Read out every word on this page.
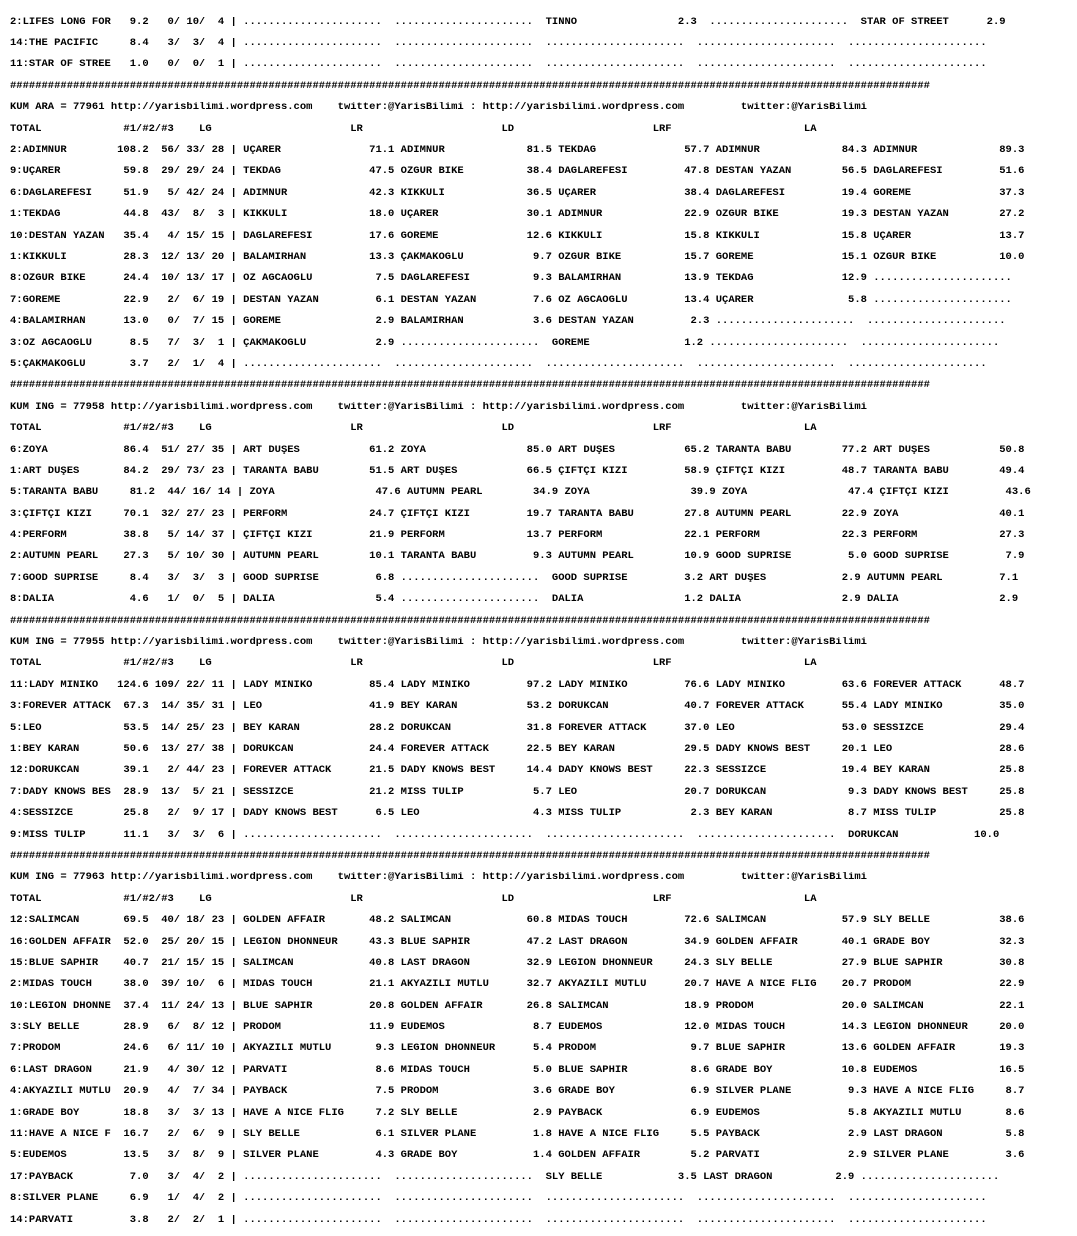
2:LIFES LONG FOR   9.2   0/ 10/  4 | ......................  ......................  TINNO                2.3  ......................  STAR OF STREET      2.9

14:THE PACIFIC     8.4   3/  3/  4 | ......................  ......................  ......................  ......................  ......................

11:STAR OF STREE   1.0   0/  0/  1 | ......................  ......................  ......................  ......................  ......................

##################################################################################################################################################

KUM ARA = 77961 http://yarisbilimi.wordpress.com    twitter:@YarisBilimi : http://yarisbilimi.wordpress.com         twitter:@YarisBilimi

TOTAL             #1/#2/#3    LG                      LR                      LD                      LRF                     LA

2:ADIMNUR        108.2  56/ 33/ 28 | UÇARER              71.1 ADIMNUR             81.5 TEKDAĞ              57.7 ADIMNUR             84.3 ADIMNUR             89.3

9:UÇARER          59.8  29/ 29/ 24 | TEKDAĞ              47.5 ÖZGÜR BİKE          38.4 DAĞLAREFESİ         47.8 DESTAN YAZAN        56.5 DAĞLAREFESİ         51.6

6:DAĞLAREFESİ     51.9   5/ 42/ 24 | ADIMNUR             42.3 KİKKULİ             36.5 UÇARER              38.4 DAĞLAREFESİ         19.4 GÖREME              37.3

1:TEKDAĞ          44.8  43/  8/  3 | KİKKULİ             18.0 UÇARER              30.1 ADIMNUR             22.9 ÖZGÜR BİKE          19.3 DESTAN YAZAN        27.2

10:DESTAN YAZAN   35.4   4/ 15/ 15 | DAĞLAREFESİ         17.6 GÖREME              12.6 KİKKULİ             15.8 KİKKULİ             15.8 UÇARER              13.7

1:KİKKULİ         28.3  12/ 13/ 20 | BALAMİRHAN          13.3 ÇAKMAKOĞLU           9.7 ÖZGÜR BİKE          15.7 GÖREME              15.1 ÖZGÜR BİKE          10.0

8:ÖZGÜR BİKE      24.4  10/ 13/ 17 | ÖZ AĞCAOĞLU          7.5 DAĞLAREFESİ          9.3 BALAMİRHAN          13.9 TEKDAĞ              12.9 ......................

7:GÖREME          22.9   2/  6/ 19 | DESTAN YAZAN         6.1 DESTAN YAZAN         7.6 ÖZ AĞCAOĞLU         13.4 UÇARER               5.8 ......................

4:BALAMİRHAN      13.0   0/  7/ 15 | GÖREME               2.9 BALAMİRHAN           3.6 DESTAN YAZAN         2.3 ......................  ......................

3:ÖZ AĞCAOĞLU      8.5   7/  3/  1 | ÇAKMAKOĞLU           2.9 ......................  GÖREME               1.2 ......................  ......................

5:ÇAKMAKOĞLU       3.7   2/  1/  4 | ......................  ......................  ......................  ......................  ......................

##################################################################################################################################################

KUM ING = 77958 http://yarisbilimi.wordpress.com    twitter:@YarisBilimi : http://yarisbilimi.wordpress.com         twitter:@YarisBilimi

TOTAL             #1/#2/#3    LG                      LR                      LD                      LRF                     LA

6:ZOYA            86.4  51/ 27/ 35 | ART DÜŞES           61.2 ZOYA                85.0 ART DÜŞES           65.2 TARANTA BABU        77.2 ART DÜŞES           50.8

1:ART DÜŞES       84.2  29/ 73/ 23 | TARANTA BABU        51.5 ART DÜŞES           66.5 ÇİFTÇİ KIZI         58.9 ÇİFTÇİ KIZI         48.7 TARANTA BABU        49.4

5:TARANTA BABU     81.2  44/ 16/ 14 | ZOYA                47.6 AUTUMN PEARL        34.9 ZOYA                39.9 ZOYA                47.4 ÇİFTÇİ KIZI         43.6

3:ÇİFTÇİ KIZI     70.1  32/ 27/ 23 | PERFORM             24.7 ÇİFTÇİ KIZI         19.7 TARANTA BABU        27.8 AUTUMN PEARL        22.9 ZOYA                40.1

4:PERFORM         38.8   5/ 14/ 37 | ÇİFTÇİ KIZI         21.9 PERFORM             13.7 PERFORM             22.1 PERFORM             22.3 PERFORM             27.3

2:AUTUMN PEARL    27.3   5/ 10/ 30 | AUTUMN PEARL        10.1 TARANTA BABU         9.3 AUTUMN PEARL        10.9 GOOD SUPRISE         5.0 GOOD SUPRISE         7.9

7:GOOD SUPRISE     8.4   3/  3/  3 | GOOD SUPRISE         6.8 ......................  GOOD SUPRISE         3.2 ART DÜŞES            2.9 AUTUMN PEARL         7.1

8:DALIA            4.6   1/  0/  5 | DALIA                5.4 ......................  DALIA                1.2 DALIA                2.9 DALIA                2.9

##################################################################################################################################################

KUM ING = 77955 http://yarisbilimi.wordpress.com    twitter:@YarisBilimi : http://yarisbilimi.wordpress.com         twitter:@YarisBilimi

TOTAL             #1/#2/#3    LG                      LR                      LD                      LRF                     LA

11:LADY MINIKO   124.6 109/ 22/ 11 | LADY MINIKO         85.4 LADY MINIKO         97.2 LADY MINIKO         76.6 LADY MINIKO         63.6 FOREVER ATTACK      48.7

3:FOREVER ATTACK  67.3  14/ 35/ 31 | LEO                 41.9 BEY KARAN           53.2 DORUKCAN            40.7 FOREVER ATTACK      55.4 LADY MINIKO         35.0

5:LEO             53.5  14/ 25/ 23 | BEY KARAN           28.2 DORUKCAN            31.8 FOREVER ATTACK      37.0 LEO                 53.0 SESSİZCE            29.4

1:BEY KARAN       50.6  13/ 27/ 38 | DORUKCAN            24.4 FOREVER ATTACK      22.5 BEY KARAN           29.5 DADY KNOWS BEST     20.1 LEO                 28.6

12:DORUKCAN       39.1   2/ 44/ 23 | FOREVER ATTACK      21.5 DADY KNOWS BEST     14.4 DADY KNOWS BEST     22.3 SESSİZCE            19.4 BEY KARAN           25.8

7:DADY KNOWS BES  28.9  13/  5/ 21 | SESSİZCE            21.2 MISS TULIP           5.7 LEO                 20.7 DORUKCAN             9.3 DADY KNOWS BEST     25.8

4:SESSİZCE        25.8   2/  9/ 17 | DADY KNOWS BEST      6.5 LEO                  4.3 MISS TULIP           2.3 BEY KARAN            8.7 MISS TULIP          25.8

9:MISS TULIP      11.1   3/  3/  6 | ......................  ......................  ......................  ......................  DORUKCAN            10.0

##################################################################################################################################################

KUM ING = 77963 http://yarisbilimi.wordpress.com    twitter:@YarisBilimi : http://yarisbilimi.wordpress.com         twitter:@YarisBilimi

TOTAL             #1/#2/#3    LG                      LR                      LD                      LRF                     LA

12:SALİMCAN       69.5  40/ 18/ 23 | GOLDEN AFFAIR       48.2 SALİMCAN            60.8 MIDAS TOUCH         72.6 SALİMCAN            57.9 SLY BELLE           38.6

16:GOLDEN AFFAIR  52.0  25/ 20/ 15 | LEGION DHONNEUR     43.3 BLUE SAPHİR         47.2 LAST DRAGON         34.9 GOLDEN AFFAIR       40.1 GRADE BOY           32.3

15:BLUE SAPHİR    40.7  21/ 15/ 15 | SALİMCAN            40.8 LAST DRAGON         32.9 LEGION DHONNEUR     24.3 SLY BELLE           27.9 BLUE SAPHİR         30.8

2:MIDAS TOUCH     38.0  39/ 10/  6 | MIDAS TOUCH         21.1 AKYAZILI MUTLU      32.7 AKYAZILI MUTLU      20.7 HAVE A NICE FLIG    20.7 PRODOM              22.9

10:LEGION DHONNE  37.4  11/ 24/ 13 | BLUE SAPHİR         20.8 GOLDEN AFFAIR       26.8 SALİMCAN            18.9 PRODOM              20.0 SALİMCAN            22.1

3:SLY BELLE       28.9   6/  8/ 12 | PRODOM              11.9 EUDEMOS              8.7 EUDEMOS             12.0 MIDAS TOUCH         14.3 LEGION DHONNEUR     20.0

7:PRODOM          24.6   6/ 11/ 10 | AKYAZILI MUTLU       9.3 LEGION DHONNEUR      5.4 PRODOM               9.7 BLUE SAPHİR         13.6 GOLDEN AFFAIR       19.3

6:LAST DRAGON     21.9   4/ 30/ 12 | PARVATI              8.6 MIDAS TOUCH          5.0 BLUE SAPHİR          8.6 GRADE BOY           10.8 EUDEMOS             16.5

4:AKYAZILI MUTLU  20.9   4/  7/ 34 | PAYBACK              7.5 PRODOM               3.6 GRADE BOY            6.9 SILVER PLANE         9.3 HAVE A NICE FLIG     8.7

1:GRADE BOY       18.8   3/  3/ 13 | HAVE A NICE FLIG     7.2 SLY BELLE            2.9 PAYBACK              6.9 EUDEMOS              5.8 AKYAZILI MUTLU       8.6

11:HAVE A NICE F  16.7   2/  6/  9 | SLY BELLE            6.1 SILVER PLANE         1.8 HAVE A NICE FLIG     5.5 PAYBACK              2.9 LAST DRAGON          5.8

5:EUDEMOS         13.5   3/  8/  9 | SILVER PLANE         4.3 GRADE BOY            1.4 GOLDEN AFFAIR        5.2 PARVATI              2.9 SILVER PLANE         3.6

17:PAYBACK         7.0   3/  4/  2 | ......................  ......................  SLY BELLE            3.5 LAST DRAGON          2.9 ......................

8:SILVER PLANE     6.9   1/  4/  2 | ......................  ......................  ......................  ......................  ......................

14:PARVATI         3.8   2/  2/  1 | ......................  ......................  ......................  ......................  ......................
